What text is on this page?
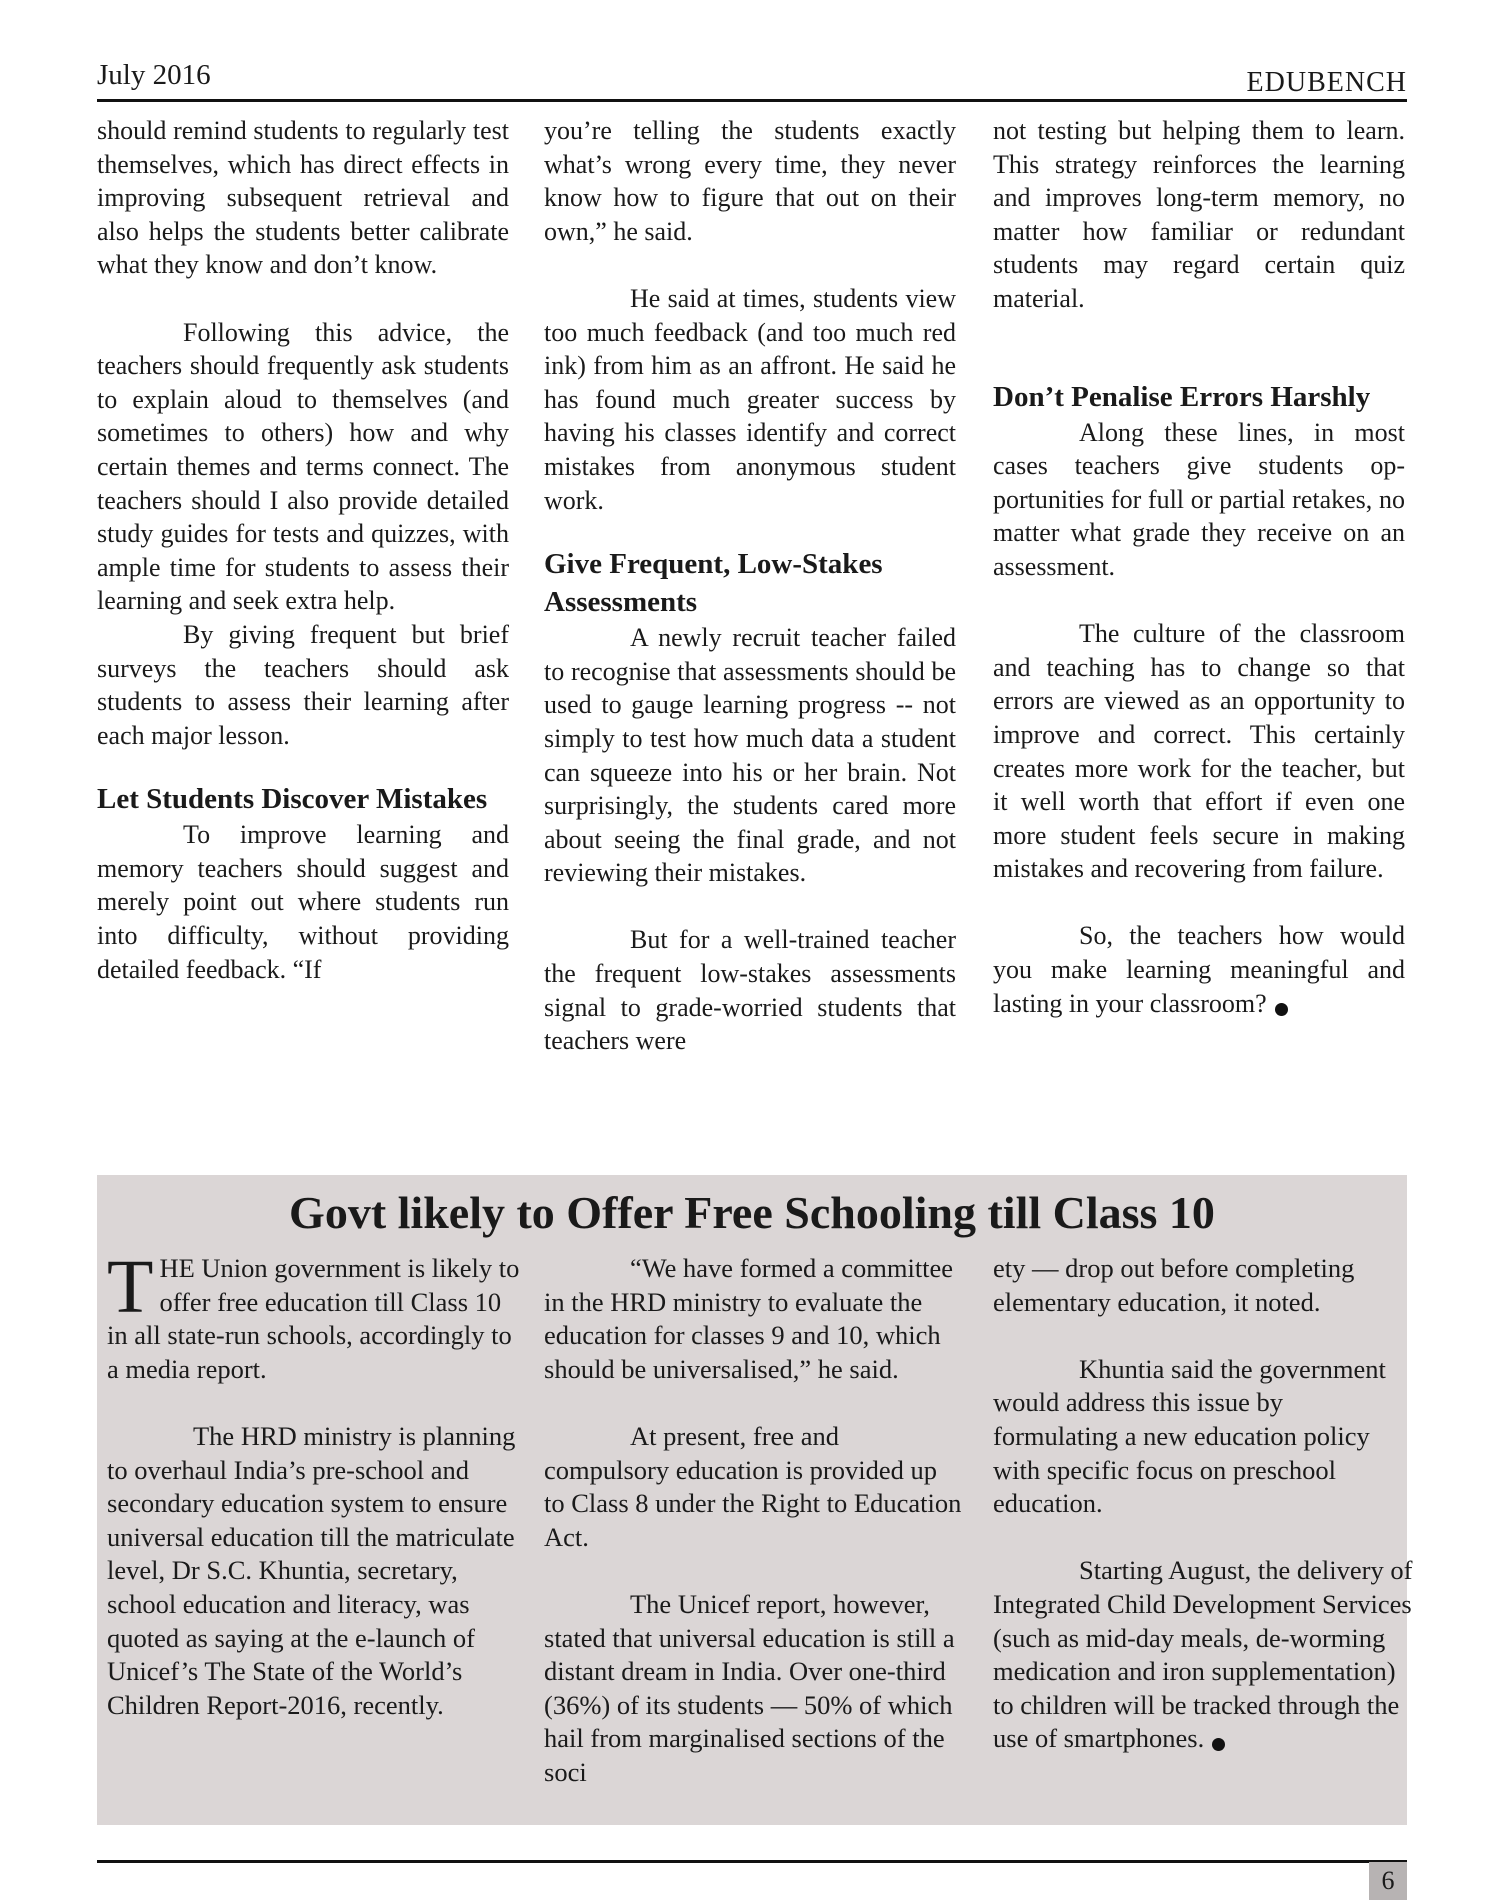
July 2016	EDUBENCH

should remind students to regularly test themselves, which has direct effects in improving subsequent retrieval and also helps the students better calibrate what they know and don’t know.

Following this advice, the teachers should frequently ask students to explain aloud to themselves (and sometimes to others) how and why certain themes and terms connect. The teachers should I also provide detailed study guides for tests and quizzes, with ample time for students to assess their learning and seek extra help.

By giving frequent but brief surveys the teachers should ask students to assess their learning after each major lesson.

Let Students Discover Mistakes

To improve learning and memory teachers should suggest and merely point out where students run into difficulty, without providing detailed feedback. “If

you’re telling the students exactly what’s wrong every time, they never know how to figure that out on their own,” he said.

He said at times, students view too much feedback (and too much red ink) from him as an affront. He said he has found much greater success by having his classes identify and correct mistakes from anonymous student work.

Give Frequent, Low-Stakes Assessments

A newly recruit teacher failed to recognise that assessments should be used to gauge learning progress -- not simply to test how much data a student can squeeze into his or her brain. Not surprisingly, the students cared more about seeing the final grade, and not reviewing their mistakes.

But for a well-trained teacher the frequent low-stakes assessments signal to grade-worried students that teachers were

not testing but helping them to learn. This strategy reinforces the learning and improves long-term memory, no matter how familiar or redundant students may regard certain quiz material.

Don’t Penalise Errors Harshly

Along these lines, in most cases teachers give students opportunities for full or partial retakes, no matter what grade they receive on an assessment.

The culture of the classroom and teaching has to change so that errors are viewed as an opportunity to improve and correct. This certainly creates more work for the teacher, but it well worth that effort if even one more student feels secure in making mistakes and recovering from failure.

So, the teachers how would you make learning meaningful and lasting in your classroom?

Govt likely to Offer Free Schooling till Class 10

THE Union government is likely to offer free education till Class 10 in all state-run schools, accordingly to a media report.

The HRD ministry is planning to overhaul India’s pre-school and secondary education system to ensure universal education till the matriculate level, Dr S.C. Khuntia, secretary, school education and literacy, was quoted as saying at the e-launch of Unicef’s The State of the World’s Children Report-2016, recently.

“We have formed a committee in the HRD ministry to evaluate the education for classes 9 and 10, which should be universalised,” he said.

At present, free and compulsory education is provided up to Class 8 under the Right to Education Act.

The Unicef report, however, stated that universal education is still a distant dream in India. Over one-third (36%) of its students — 50% of which hail from marginalised sections of the soci

ety — drop out before completing elementary education, it noted.

Khuntia said the government would address this issue by formulating a new education policy with specific focus on preschool education.

Starting August, the delivery of Integrated Child Development Services (such as mid-day meals, de-worming medication and iron supplementation) to children will be tracked through the use of smartphones.

6
